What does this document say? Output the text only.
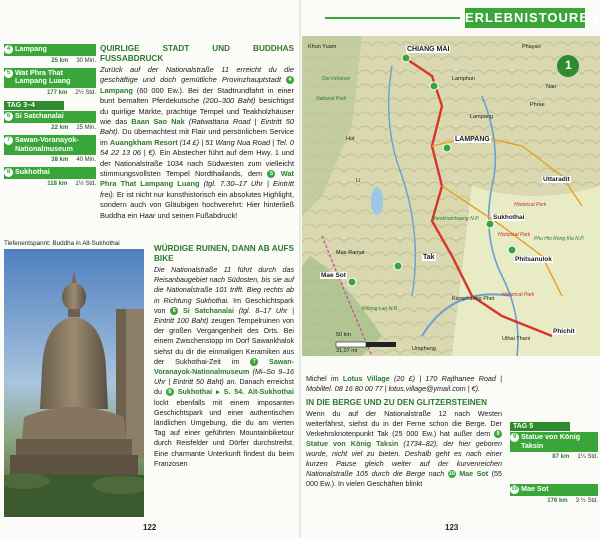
4 Lampang
25 km 30 Min.
5 Wat Phra That Lampang Luang
177 km 2½ Std.
TAG 3–4
6 Si Satchanalai
22 km 25 Min.
7 Sawan-Voranayok-Nationalmuseum
38 km 40 Min.
8 Sukhothai
118 km 1½ Std.
Tiefenentspannt: Buddha in Alt-Sukhothai
QUIRLIGE STADT UND BUDDHAS FUSSABDRUCK

Zurück auf der Nationalstraße 11 erreicht du die geschäftige und doch gemütliche Provinzhauptstadt 4 Lampang (60 000 Ew.). Bei der Stadtrundfahrt in einer bunt bemalten Pferdekutsche (200–300 Baht) besichtigst du quirlige Märkte, prächtige Tempel und Teakholzhäuser wie das Baan Sao Nak (Ratwattana Road | Eintritt 50 Baht). Du übernachtest mit Flair und persönlichem Service im Auangkham Resort (14 £) | 51 Wang Nua Road | Tel. 0 54 22 13 06 | €). Ein Abstecher führt auf dem Hwy. 1 und der Nationalstraße 1034 nach Südwesten zum vielleicht stimmungsvollsten Tempel Nordthailands, dem 5 Wat Phra That Lampang Luang (tgl. 7.30–17 Uhr | Eintritt frei). Er ist nicht nur kunsthistorisch ein absolutes Highlight, sondern auch von Gläubigen hochverehrt: Hier hinterließ Buddha ein Haar und seinen Fußabdruck!

WÜRDIGE RUINEN, DANN AB AUFS BIKE

Die Nationalstraße 11 führt durch das Reisanbaugebiet nach Südosten, bis sie auf die Nationalstraße 101 trifft. Bieg rechts ab in Richtung Sukhothai. Im Geschichtspark von 6 Si Satchanalai (tgl. 8–17 Uhr | Eintritt 100 Baht) zeugen Tempelruinen von der großen Vergangenheit des Orts. Bei einem Zwischenstopp im Dorf Sawankhalok siehst du dir die einmaligen Keramiken aus der Sukhothai-Zeit im 7 Sawan-Voranayok-Nationalmuseum (Mi–So 9–16 Uhr | Eintritt 50 Baht) an. Danach erreichst du 8 Sukhothai ▸ S. 54. Alt-Sukhothai lockt ebenfalls mit einem imposanten Geschichtspark und einer authentischen ländlichen Umgebung, die du am vierten Tag auf einer geführten Mountainbiketour durch Reisfelder und Dörfer durchstreifst. Eine charmante Unterkunft findest du beim Franzosen

122
ERLEBNISTOUREN
1
CHIANG MAI
Lamphun
Lampang
LAMPANG
Hot
Li
Sukhothai
Tak	Phitsanulok
Uttaradit
Phichit
Kamphaeng Phet
Mae Sot
Phrae
Nan
Uthai Thani
Phayao
Umphang
Mae Ramat
Khun Yuam
Historical Park
Historical Park
Historical Park
National Park
Doi Inthanon
Phu Hin Rong Kla N.P.
Khlong Lan N.P.
Ramkhamhaeng N.P.
50 km
31,07 mi

Michel im Lotus Village (20 £) | 170 Rajthanee Road | Mobiltel. 08 16 80 00 77 | lotus.village@ymail.com | €).

IN DIE BERGE UND ZU DEN GLITZERSTEINEN

Wenn du auf der Nationalstraße 12 nach Westen weiterfährst, siehst du in der Ferne schon die Berge. Der Verkehrsknotenpunkt Tak (25 000 Ew.) hat außer dem 9 Statue von König Taksin (1734–82), der hier geboren wurde, nicht viel zu bieten. Deshalb geht es nach einer kurzen Pause gleich weiter auf der kurvenreichen Nationalstraße 105 durch die Berge nach 10 Mae Sot (55 000 Ew.). In vielen Geschäften blinkt

TAG 5
9 Statue von König Taksin
87 km 1¼ Std.
10 Mae Sot
176 km 3 ½ Std.
123
